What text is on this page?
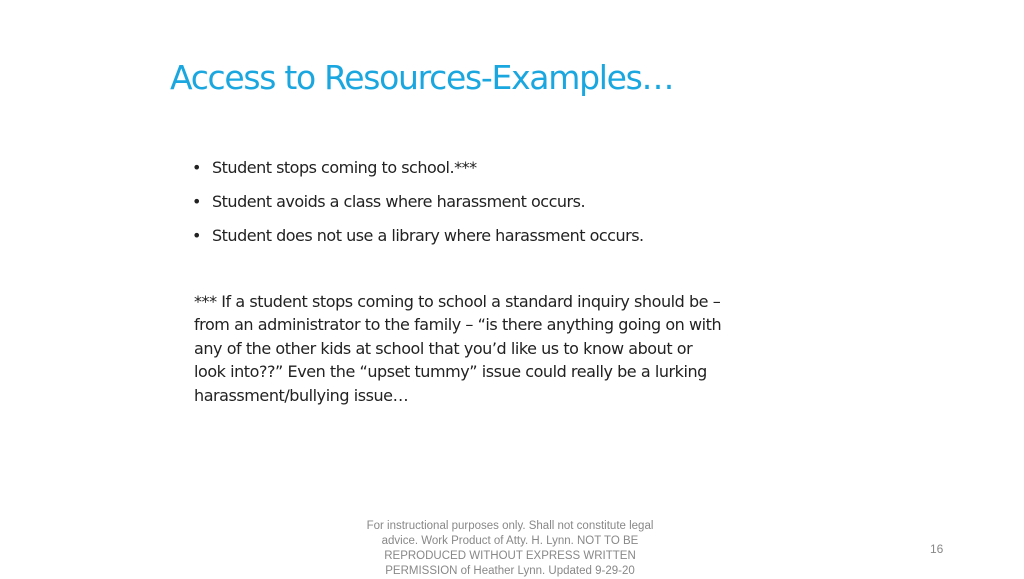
Access to Resources-Examples…
• Student stops coming to school.***
• Student avoids a class where harassment occurs.
• Student does not use a library where harassment occurs.
*** If a student stops coming to school a standard inquiry should be –
from an administrator to the family – “is there anything going on with
any of the other kids at school that you’d like us to know about or
look into??” Even the “upset tummy” issue could really be a lurking
harassment/bullying issue…
For instructional purposes only. Shall not constitute legal
advice. Work Product of Atty. H. Lynn. NOT TO BE
REPRODUCED WITHOUT EXPRESS WRITTEN
PERMISSION of Heather Lynn. Updated 9-29-20
16
